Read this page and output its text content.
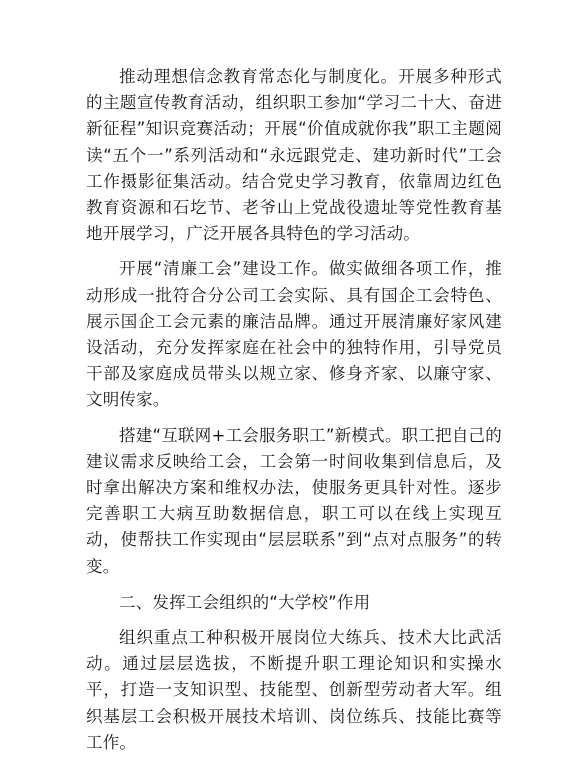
推动理想信念教育常态化与制度化。开展多种形式的主题宣传教育活动，组织职工参加“学习二十大、奋进新征程”知识竞赛活动；开展“价值成就你我”职工主题阅读“五个一”系列活动和“永远跟党走、建功新时代”工会工作摄影征集活动。结合党史学习教育，依靠周边红色教育资源和石圪节、老爷山上党战役遗址等党性教育基地开展学习，广泛开展各具特色的学习活动。

开展“清廉工会”建设工作。做实做细各项工作，推动形成一批符合分公司工会实际、具有国企工会特色、展示国企工会元素的廉洁品牌。通过开展清廉好家风建设活动，充分发挥家庭在社会中的独特作用，引导党员干部及家庭成员带头以规立家、修身齐家、以廉守家、文明传家。

搭建“互联网+工会服务职工”新模式。职工把自己的建议需求反映给工会，工会第一时间收集到信息后，及时拿出解决方案和维权办法，使服务更具针对性。逐步完善职工大病互助数据信息，职工可以在线上实现互动，使帮扶工作实现由“层层联系”到“点对点服务”的转变。

二、发挥工会组织的“大学校”作用

组织重点工种积极开展岗位大练兵、技术大比武活动。通过层层选拔，不断提升职工理论知识和实操水平，打造一支知识型、技能型、创新型劳动者大军。组织基层工会积极开展技术培训、岗位练兵、技能比赛等工作。
